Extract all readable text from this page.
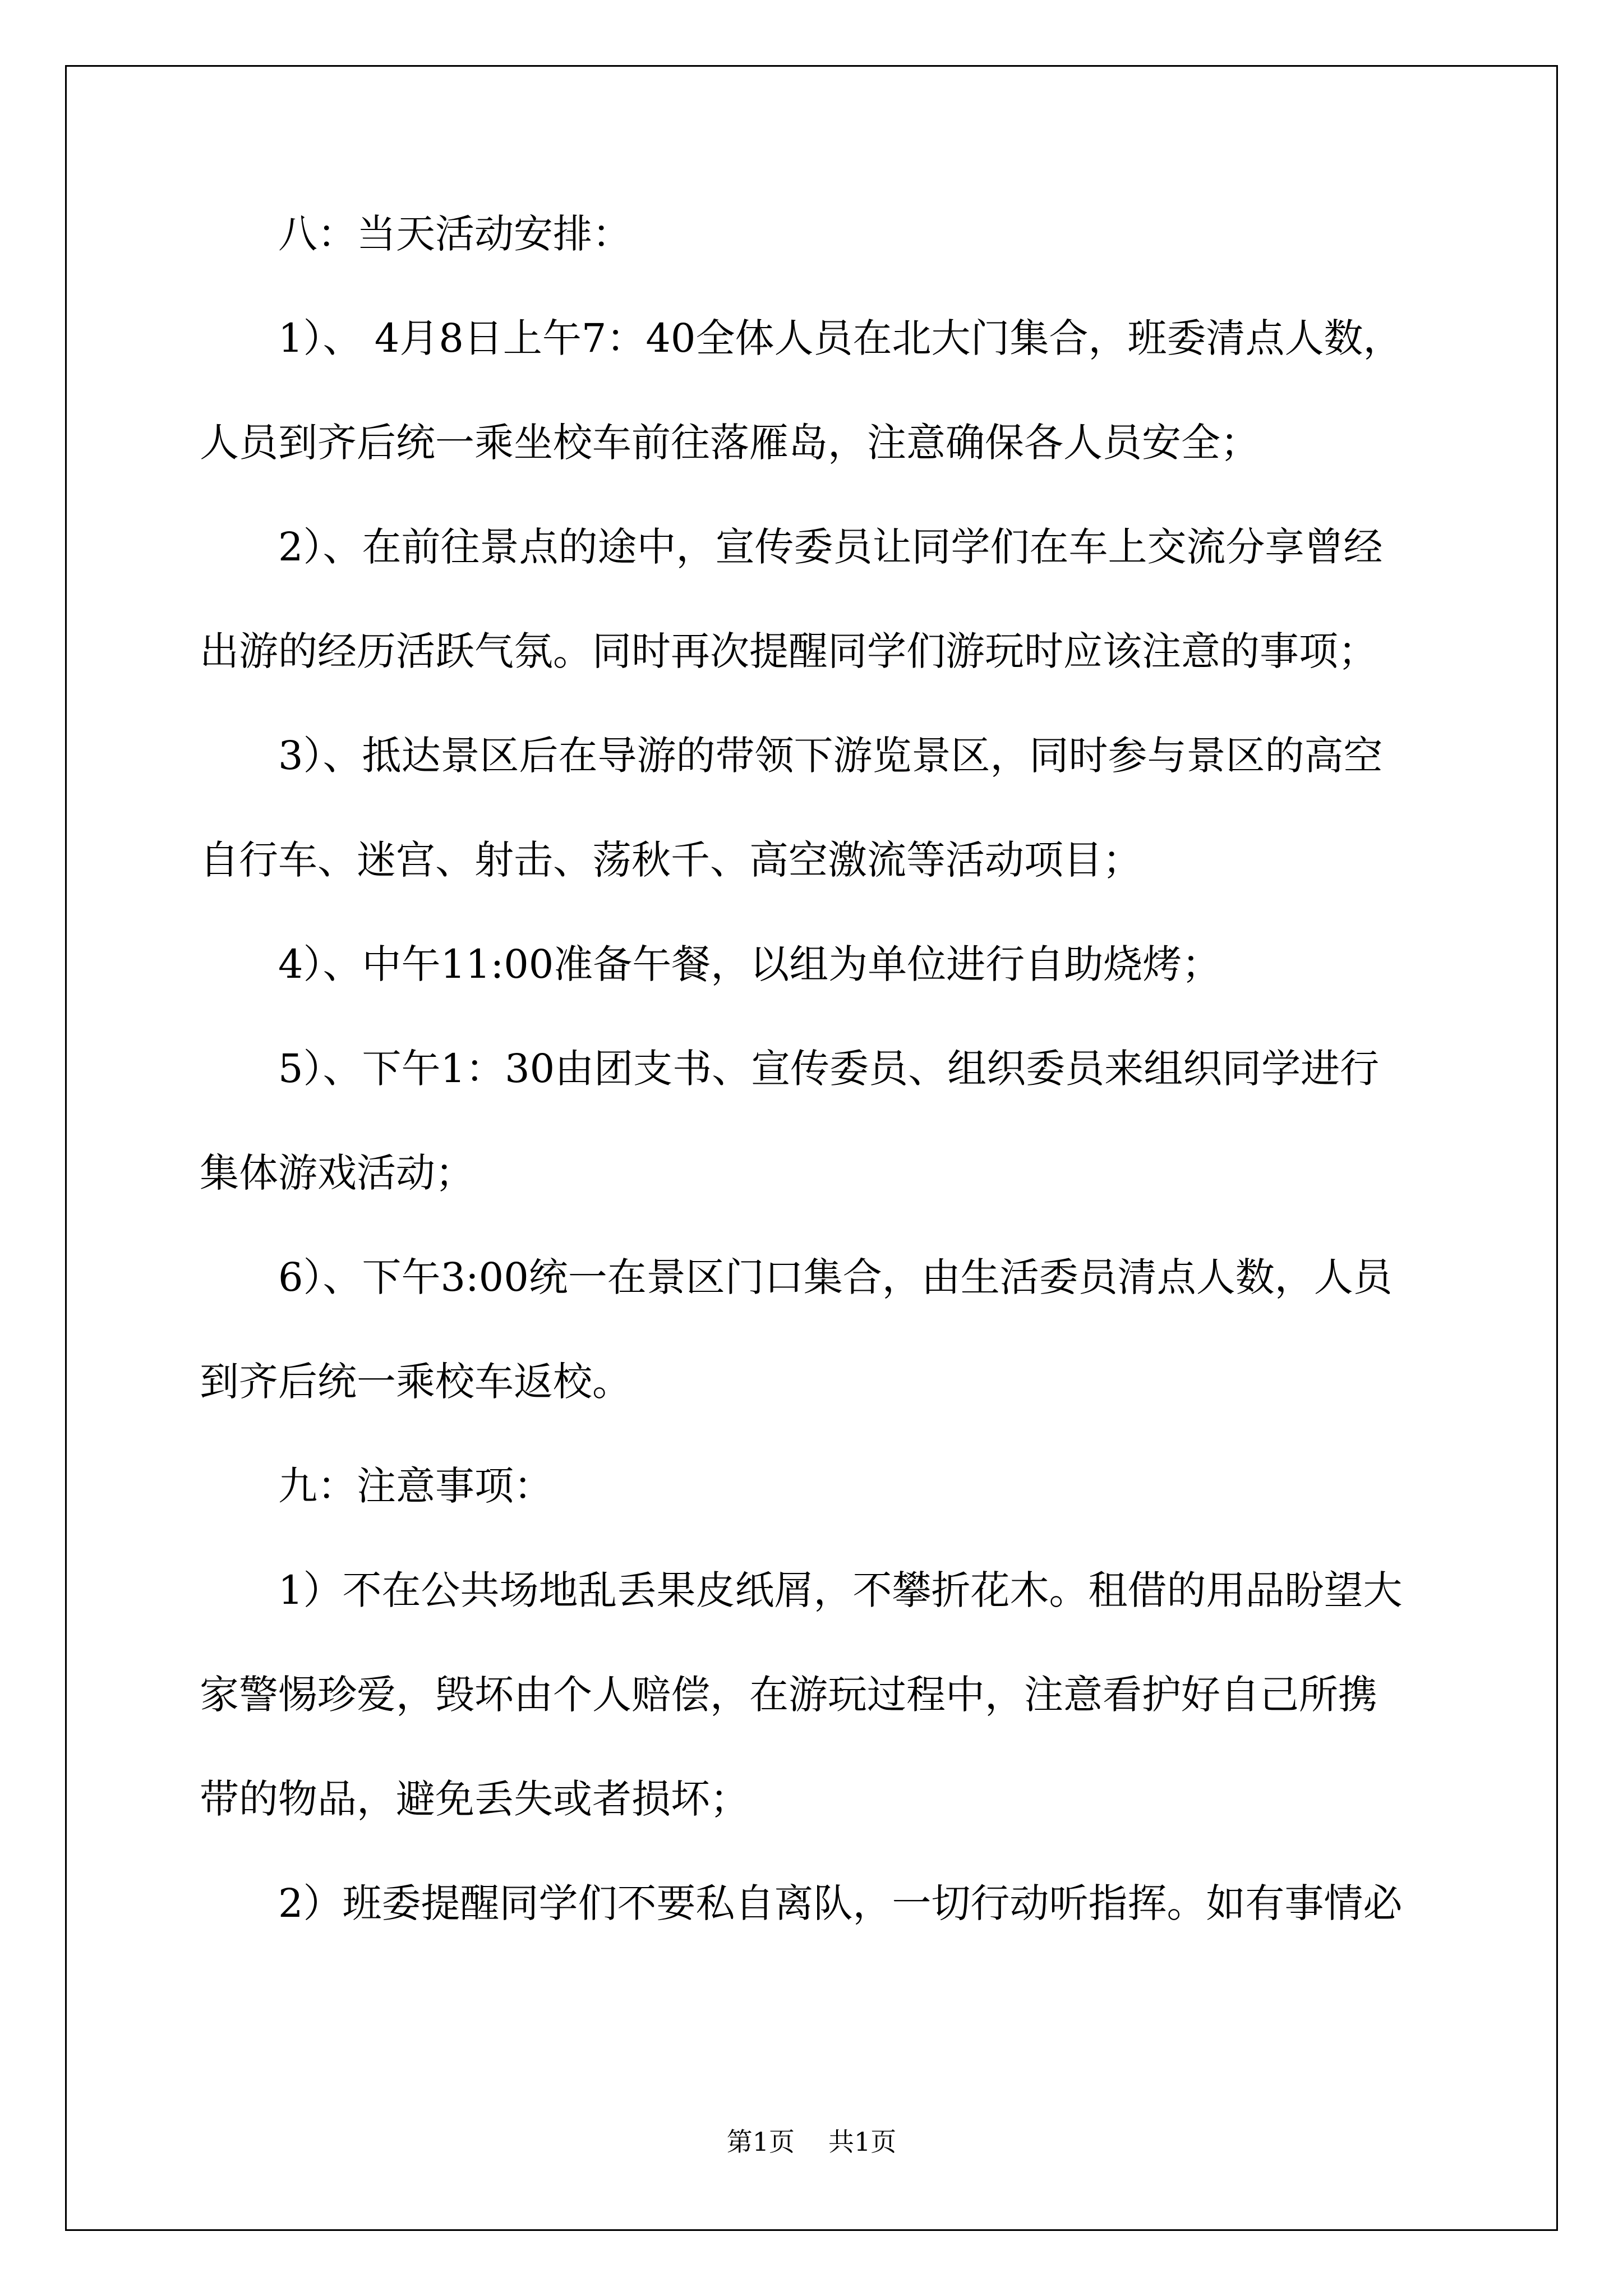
八：当天活动安排：
1）、 4月8日上午7：40全体人员在北大门集合，班委清点人数，
人员到齐后统一乘坐校车前往落雁岛，注意确保各人员安全；
2）、在前往景点的途中，宣传委员让同学们在车上交流分享曾经
出游的经历活跃气氛。同时再次提醒同学们游玩时应该注意的事项；
3）、抵达景区后在导游的带领下游览景区，同时参与景区的高空
自行车、迷宫、射击、荡秋千、高空激流等活动项目；
4）、中午11:00准备午餐，以组为单位进行自助烧烤；
5）、下午1：30由团支书、宣传委员、组织委员来组织同学进行
集体游戏活动；
6）、下午3:00统一在景区门口集合，由生活委员清点人数，人员
到齐后统一乘校车返校。
九：注意事项：
1）不在公共场地乱丢果皮纸屑，不攀折花木。租借的用品盼望大
家警惕珍爱，毁坏由个人赔偿，在游玩过程中，注意看护好自己所携
带的物品，避免丢失或者损坏；
2）班委提醒同学们不要私自离队，一切行动听指挥。如有事情必
第1页 共1页
